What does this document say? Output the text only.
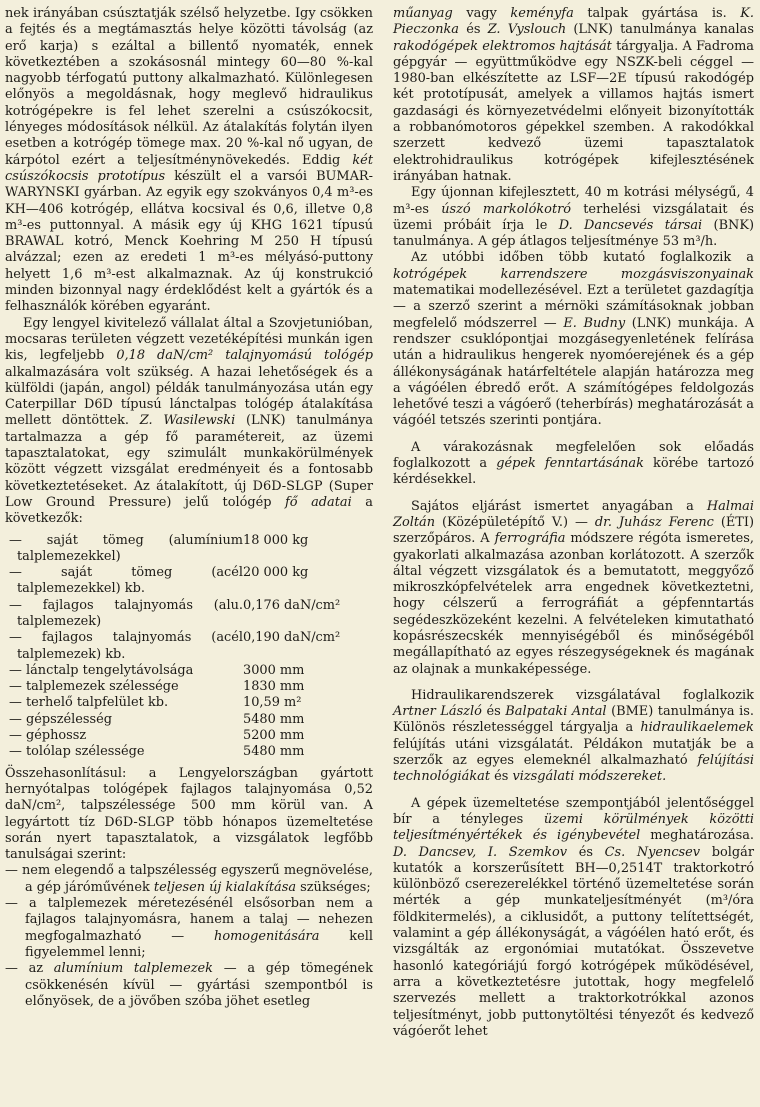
nek irányában csúsztatják szélső helyzetbe. Igy csökken a fejtés és a megtámasztás helye közötti távolság (az erő karja) s ezáltal a billentő nyomaték, ennek következtében a szokásosnál mintegy 60—80 %-kal nagyobb térfogatú puttony alkalmazható. Különlegesen előnyös a megoldásnak, hogy meglevő hidraulikus kotrógépekre is fel lehet szerelni a csúszókocsit, lényeges módosítások nélkül. Az átalakítás folytán ilyen esetben a kotrógép tömege max. 20 %-kal nő ugyan, de kárpótol ezért a teljesítménynövekedés. Eddig két csúszókocsis prototípus készült el a varsói BUMAR-WARYNSKI gyárban. Az egyik egy szokványos 0,4 m³-es KH—406 kotrógép, ellátva kocsival és 0,6, illetve 0,8 m³-es puttonnyal. A másik egy új KHG 1621 típusú BRAWAL kotró, Menck Koehring M 250 H típusú alvázzal; ezen az eredeti 1 m³-es mélyásó-puttony helyett 1,6 m³-est alkalmaznak. Az új konstrukció minden bizonnyal nagy érdeklődést kelt a gyártók és a felhasználók körében egyaránt.

Egy lengyel kivitelező vállalat által a Szovjetunióban, mocsaras területen végzett vezetéképítési munkán igen kis, legfeljebb 0,18 daN/cm² talajnyomású tológép alkalmazására volt szükség. A hazai lehetőségek és a külföldi (japán, angol) példák tanulmányozása után egy Caterpillar D6D típusú lánctalpas tológép átalakítása mellett döntöttek. Z. Wasilewski (LNK) tanulmánya tartalmazza a gép fő paramétereit, az üzemi tapasztalatokat, egy szimulált munkakörülmények között végzett vizsgálat eredményeit és a fontosabb következtetéseket. Az átalakított, új D6D-SLGP (Super Low Ground Pressure) jelű tológép fő adatai a következők:

— saját tömeg (alumínium talplemezekkel)
18 000 kg
— saját tömeg (acél talplemezekkel) kb.
20 000 kg
— fajlagos talajnyomás (alu. talplemezek)
0,176 daN/cm²
— fajlagos talajnyomás (acél talplemezek) kb.
0,190 daN/cm²
— lánctalp tengelytávolsága	3000 mm
— talplemezek szélessége	1830 mm
— terhelő talpfelület kb.	10,59 m²
— gépszélesség	5480 mm
— géphossz	5200 mm
— tolólap szélessége	5480 mm

Összehasonlításul: a Lengyelországban gyártott hernyótalpas tológépek fajlagos talajnyomása 0,52 daN/cm², talpszélessége 500 mm körül van. A legyártott tíz D6D-SLGP több hónapos üzemeltetése során nyert tapasztalatok, a vizsgálatok legfőbb tanulságai szerint:

— nem elegendő a talpszélesség egyszerű megnövelése, a gép járóművének teljesen új kialakítása szükséges;
— a talplemezek méretezésénél elsősorban nem a fajlagos talajnyomásra, hanem a talaj — nehezen megfogalmazható — homogenitására kell figyelemmel lenni;
— az alumínium talplemezek — a gép tömegének csökkenésén kívül — gyártási szempontból is előnyösek, de a jövőben szóba jöhet esetleg

műanyag vagy keményfa talpak gyártása is. K. Pieczonka és Z. Vyslouch (LNK) tanulmánya kanalas rakodógépek elektromos hajtását tárgyalja. A Fadroma gépgyár — együttműködve egy NSZK-beli céggel — 1980-ban elkészítette az LSF—2E típusú rakodógép két prototípusát, amelyek a villamos hajtás ismert gazdasági és környezetvédelmi előnyeit bizonyították a robbanómotoros gépekkel szemben. A rakodókkal szerzett kedvező üzemi tapasztalatok elektrohidraulikus kotrógépek kifejlesztésének irányában hatnak.

Egy újonnan kifejlesztett, 40 m kotrási mélységű, 4 m³-es úszó markolókotró terhelési vizsgálatait és üzemi próbáit írja le D. Dancsevés társai (BNK) tanulmánya. A gép átlagos teljesítménye 53 m³/h.

Az utóbbi időben több kutató foglalkozik a kotrógépek karrendszere mozgásviszonyainak matematikai modellezésével. Ezt a területet gazdagítja — a szerző szerint a mérnöki számításoknak jobban megfelelő módszerrel — E. Budny (LNK) munkája. A rendszer csuklópontjai mozgásegyenletének felírása után a hidraulikus hengerek nyomóerejének és a gép állékonyságának határfeltétele alapján határozza meg a vágóélen ébredő erőt. A számítógépes feldolgozás lehetővé teszi a vágóerő (teherbírás) meghatározását a vágóél tetszés szerinti pontjára.

A várakozásnak megfelelően sok előadás foglalkozott a gépek fenntartásának körébe tartozó kérdésekkel.

Sajátos eljárást ismertet anyagában a Halmai Zoltán (Középületépítő V.) — dr. Juhász Ferenc (ÉTI) szerzőpáros. A ferrográfia módszere régóta ismeretes, gyakorlati alkalmazása azonban korlátozott. A szerzők által végzett vizsgálatok és a bemutatott, meggyőző mikroszkópfelvételek arra engednek következtetni, hogy célszerű a ferrográfiát a gépfenntartás segédeszközeként kezelni. A felvételeken kimutatható kopásrészecskék mennyiségéből és minőségéből megállapítható az egyes részegységeknek és magának az olajnak a munkaképessége.

Hidraulikarendszerek vizsgálatával foglalkozik Artner László és Balpataki Antal (BME) tanulmánya is. Különös részletességgel tárgyalja a hidraulikaelemek felújítás utáni vizsgálatát. Példákon mutatják be a szerzők az egyes elemeknél alkalmazható felújítási technológiákat és vizsgálati módszereket.

A gépek üzemeltetése szempontjából jelentőséggel bír a tényleges üzemi körülmények közötti teljesítményértékek és igénybevétel meghatározása. D. Dancsev, I. Szemkov és Cs. Nyencsev bolgár kutatók a korszerűsített BH—0,2514T traktorkotró különböző cserezerelékkel történő üzemeltetése során mérték a gép munkateljesítményét (m³/óra földkitermelés), a ciklusidőt, a puttony telítettségét, valamint a gép állékonyságát, a vágóélen ható erőt, és vizsgálták az ergonómiai mutatókat. Összevetve hasonló kategóriájú forgó kotrógépek működésével, arra a következtetésre jutottak, hogy megfelelő szervezés mellett a traktorkotrókkal azonos teljesítményt, jobb puttonytöltési tényezőt és kedvező vágóerőt lehet
